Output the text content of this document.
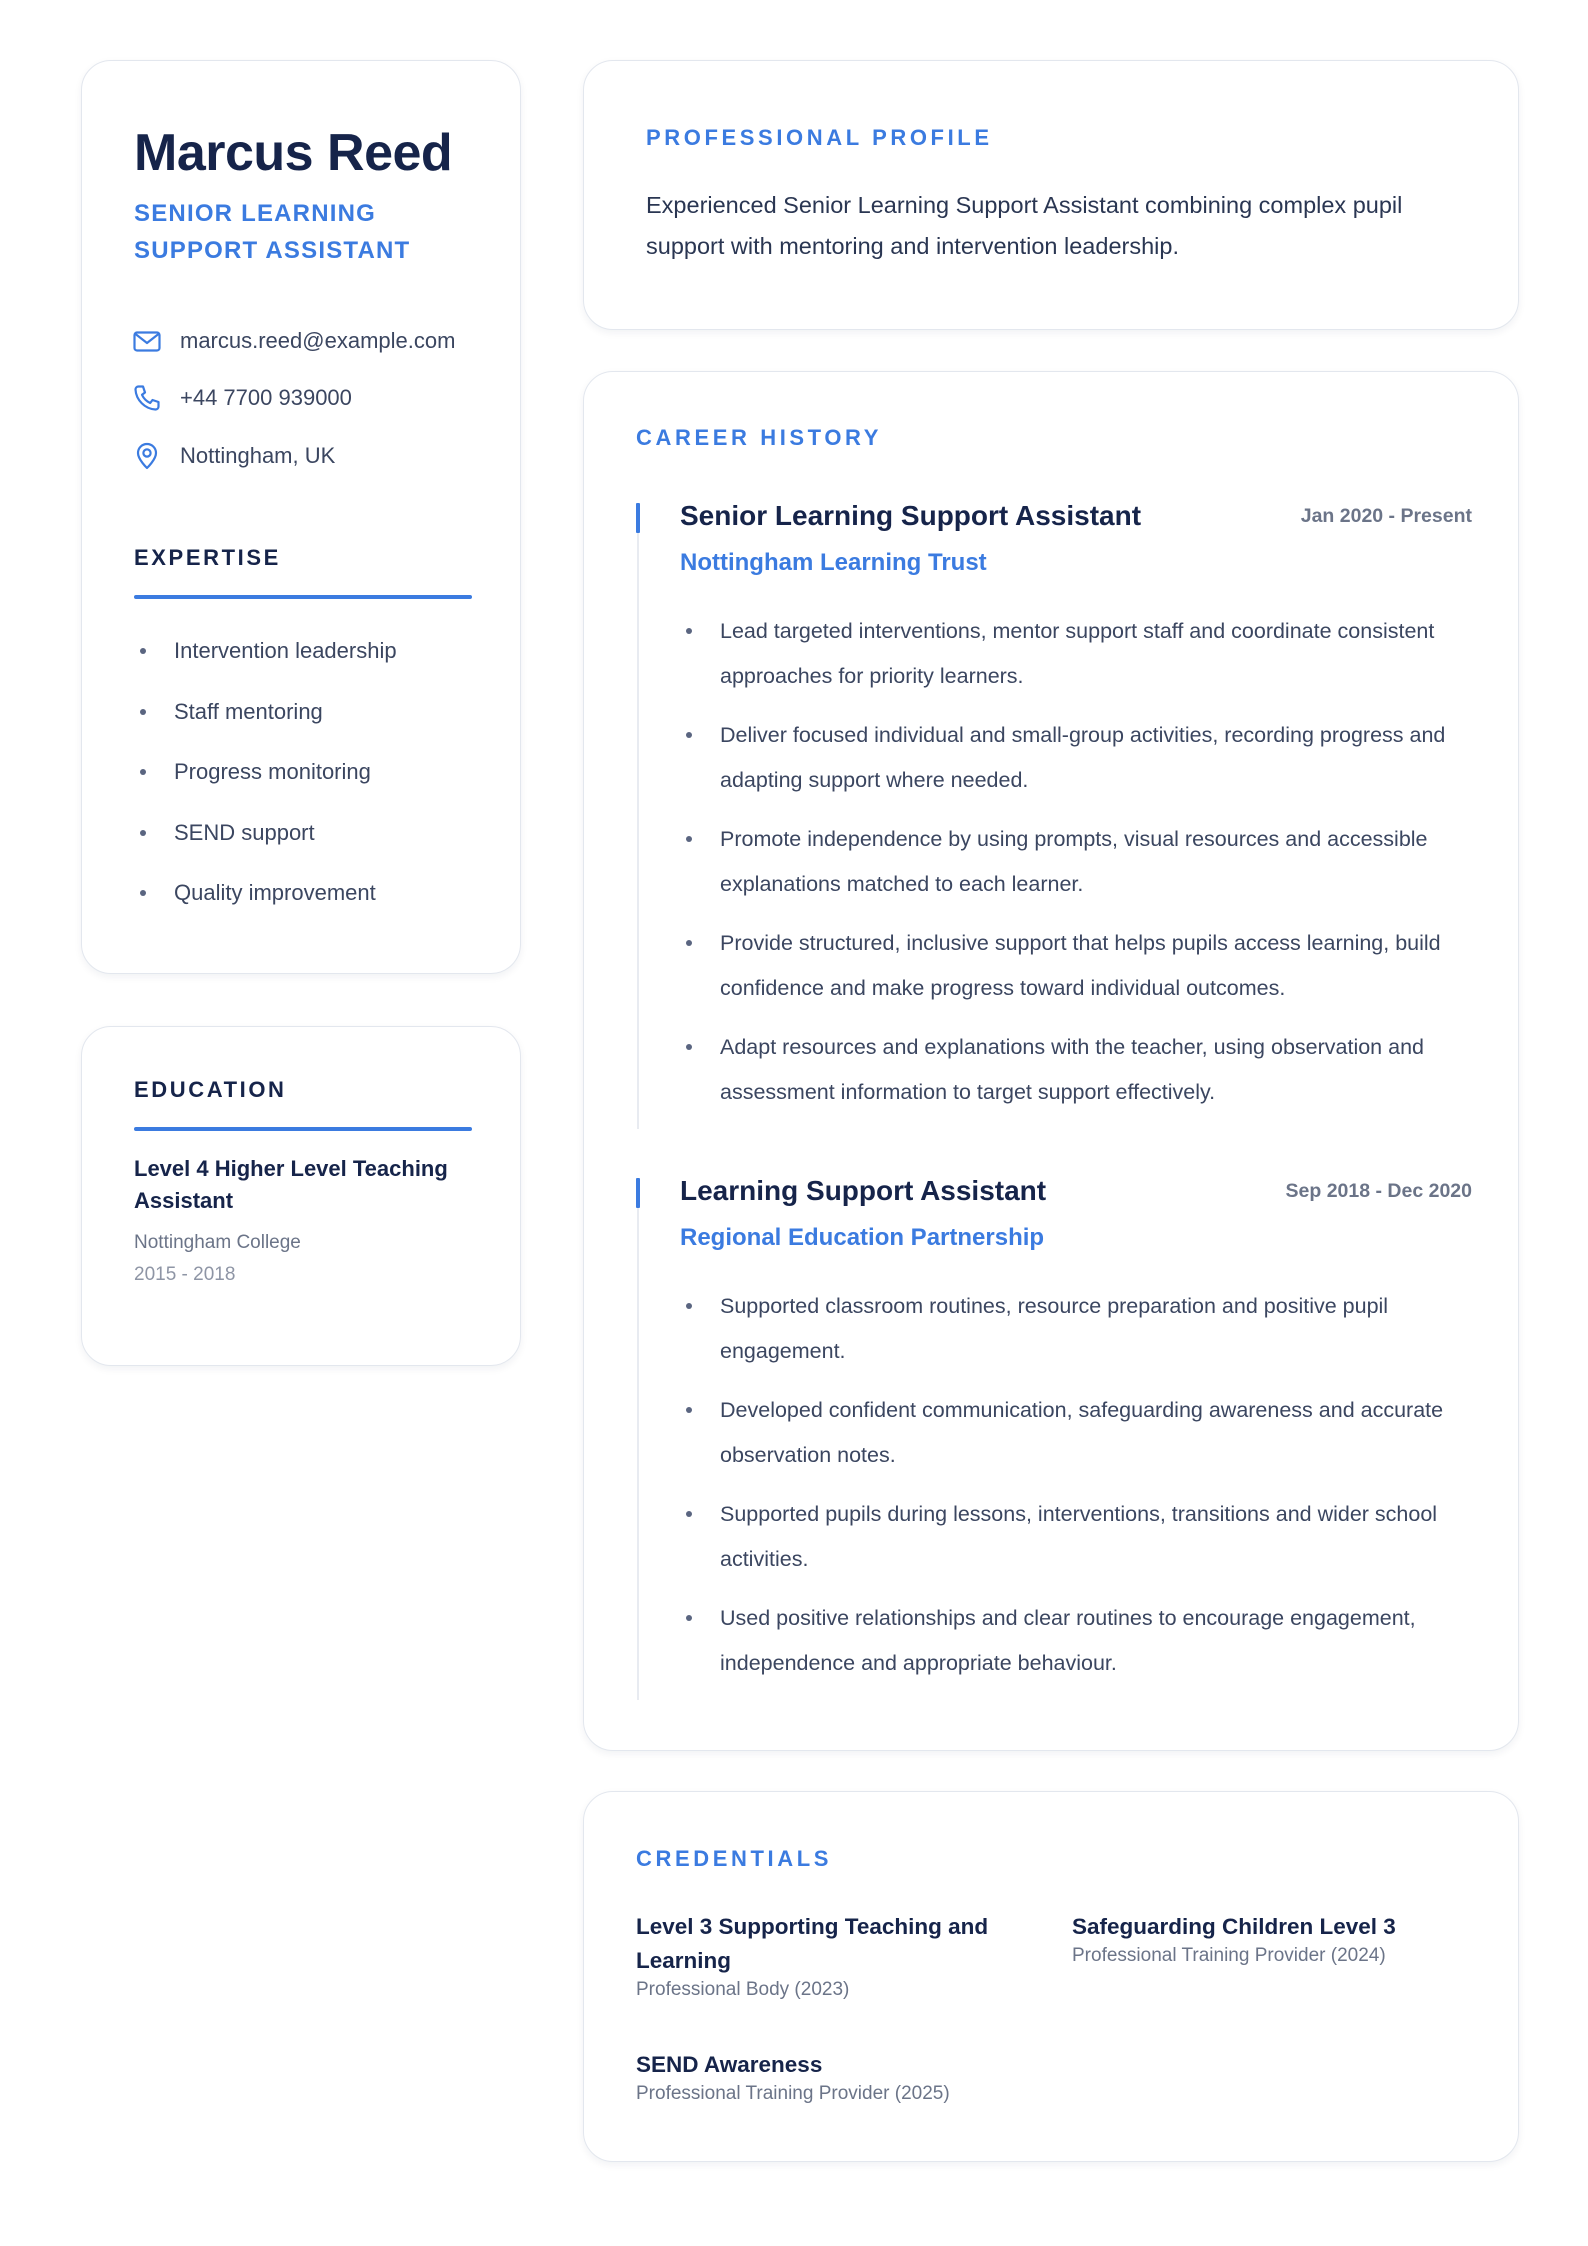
Marcus Reed
SENIOR LEARNING SUPPORT ASSISTANT
marcus.reed@example.com
+44 7700 939000
Nottingham, UK
EXPERTISE
Intervention leadership
Staff mentoring
Progress monitoring
SEND support
Quality improvement
EDUCATION
Level 4 Higher Level Teaching Assistant
Nottingham College
2015 - 2018
PROFESSIONAL PROFILE
Experienced Senior Learning Support Assistant combining complex pupil support with mentoring and intervention leadership.
CAREER HISTORY
Senior Learning Support Assistant	Jan 2020 - Present
Nottingham Learning Trust
Lead targeted interventions, mentor support staff and coordinate consistent approaches for priority learners.
Deliver focused individual and small-group activities, recording progress and adapting support where needed.
Promote independence by using prompts, visual resources and accessible explanations matched to each learner.
Provide structured, inclusive support that helps pupils access learning, build confidence and make progress toward individual outcomes.
Adapt resources and explanations with the teacher, using observation and assessment information to target support effectively.
Learning Support Assistant	Sep 2018 - Dec 2020
Regional Education Partnership
Supported classroom routines, resource preparation and positive pupil engagement.
Developed confident communication, safeguarding awareness and accurate observation notes.
Supported pupils during lessons, interventions, transitions and wider school activities.
Used positive relationships and clear routines to encourage engagement, independence and appropriate behaviour.
CREDENTIALS
Level 3 Supporting Teaching and Learning
Professional Body (2023)
Safeguarding Children Level 3
Professional Training Provider (2024)
SEND Awareness
Professional Training Provider (2025)
